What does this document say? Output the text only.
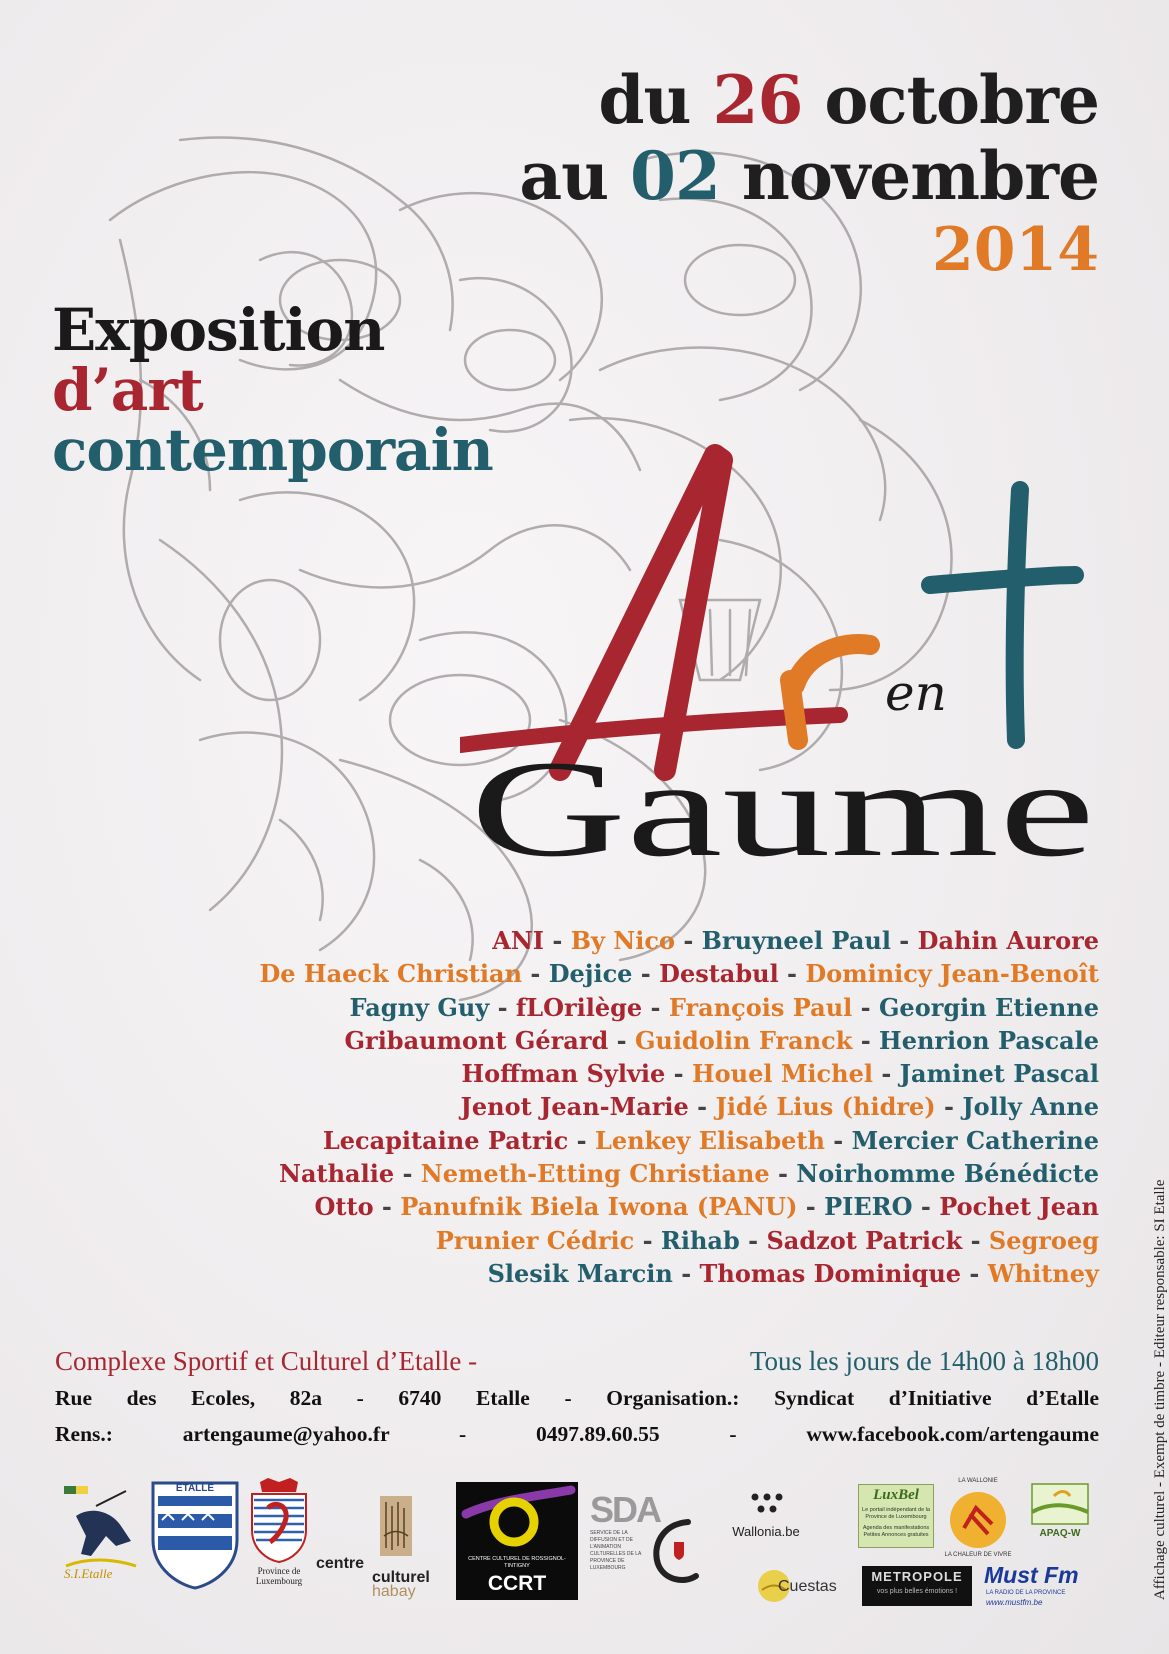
du 26 octobre
au 02 novembre
2014
Exposition
d’art
contemporain
en
Gaume
ANI - By Nico - Bruyneel Paul - Dahin Aurore
De Haeck Christian - Dejice - Destabul - Dominicy Jean-Benoît
Fagny Guy - fLOrilège - François Paul - Georgin Etienne
Gribaumont Gérard - Guidolin Franck - Henrion Pascale
Hoffman Sylvie - Houel Michel - Jaminet Pascal
Jenot Jean-Marie - Jidé Lius (hidre) - Jolly Anne
Lecapitaine Patric - Lenkey Elisabeth - Mercier Catherine
Nathalie - Nemeth-Etting Christiane - Noirhomme Bénédicte
Otto - Panufnik Biela Iwona (PANU) - PIERO - Pochet Jean
Prunier Cédric - Rihab - Sadzot Patrick - Segroeg
Slesik Marcin - Thomas Dominique - Whitney
Complexe Sportif et Culturel d’Etalle -	Tous les jours de 14h00 à 18h00
Rue des Ecoles, 82a - 6740 Etalle - Organisation.: Syndicat d’Initiative d’Etalle
Rens.: artengaume@yahoo.fr - 0497.89.60.55 - www.facebook.com/artengaume	Affichage culturel - Exempt de timbre - Editeur responsable: SI Etalle
S.I.Etalle
ETALLE
Province de Luxembourg
centre
culturel
habay
CENTRE CULTUREL DE ROSSIGNOL-TINTIGNY
CCRT
SDA
SERVICE DE LA DIFFUSION ET DE L’ANIMATION CULTURELLES DE LA PROVINCE DE LUXEMBOURG
Wallonia.be
Cuestas
LuxBel
Le portail indépendant de la Province de Luxembourg
Agenda des manifestations Petites Annonces gratuites
LA WALLONIE
LA CHALEUR DE VIVRE
APAQ-W
METROPOLE
vos plus belles émotions !
Must Fm
LA RADIO DE LA PROVINCE
www.mustfm.be
